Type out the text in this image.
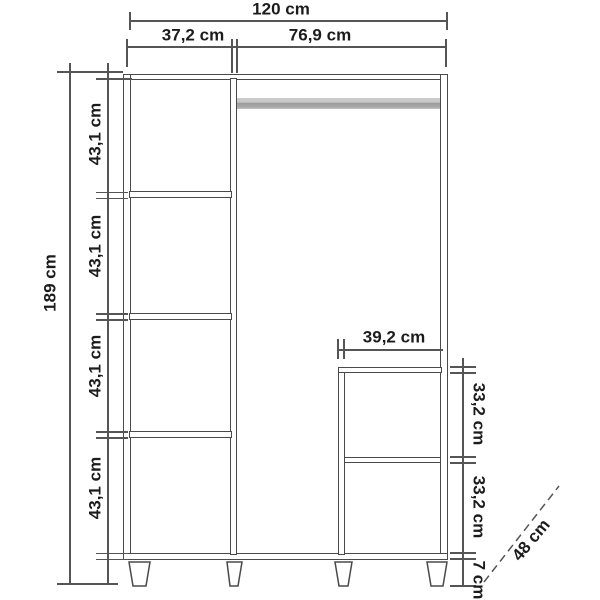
120 cm
37,2 cm	76,9 cm
189 cm
43,1 cm
43,1 cm
43,1 cm
43,1 cm
39,2 cm
33,2 cm
33,2 cm
7 cm
48 cm
